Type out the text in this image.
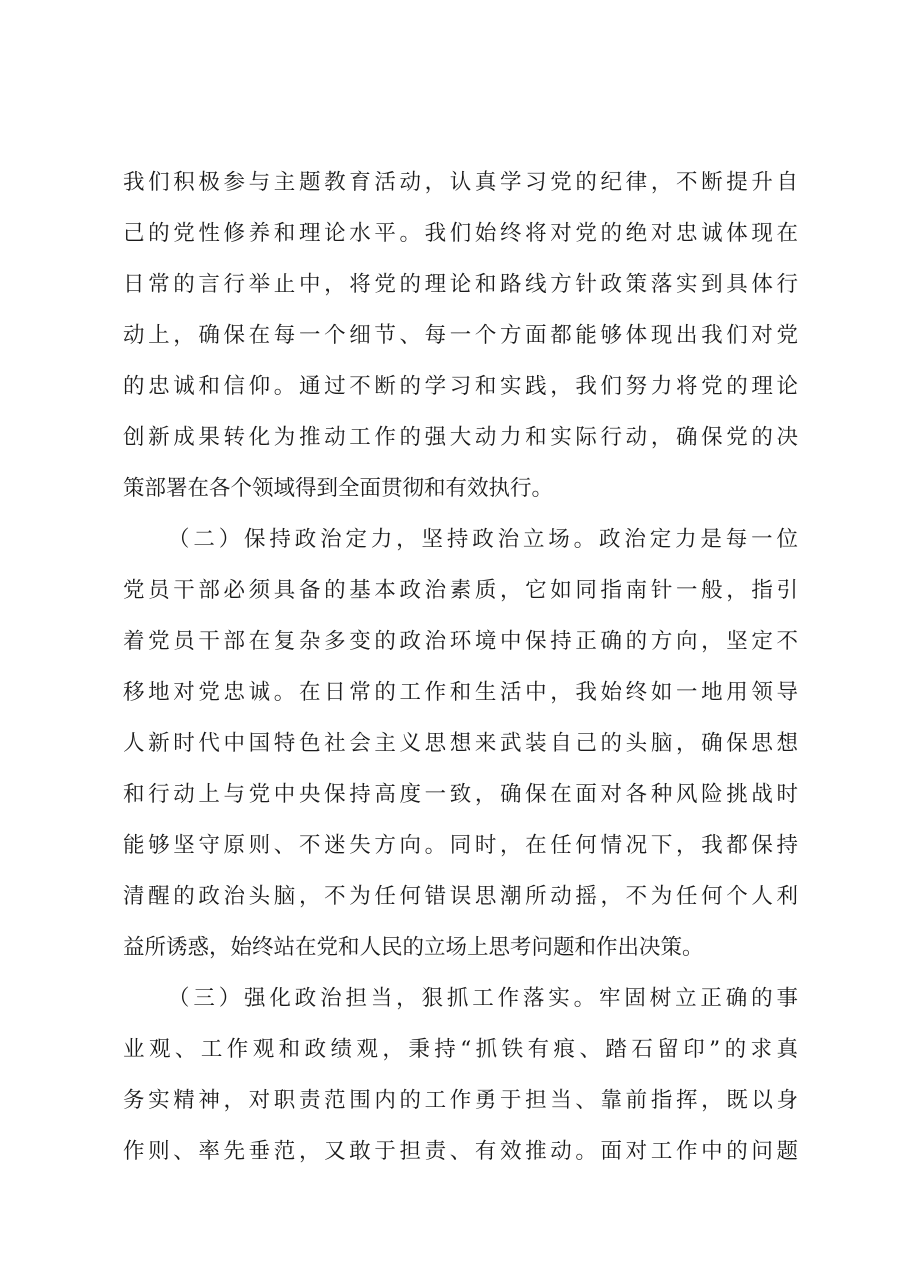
我们积极参与主题教育活动，认真学习党的纪律，不断提升自
己的党性修养和理论水平。我们始终将对党的绝对忠诚体现在
日常的言行举止中，将党的理论和路线方针政策落实到具体行
动上，确保在每一个细节、每一个方面都能够体现出我们对党
的忠诚和信仰。通过不断的学习和实践，我们努力将党的理论
创新成果转化为推动工作的强大动力和实际行动，确保党的决
策部署在各个领域得到全面贯彻和有效执行。
（二）保持政治定力，坚持政治立场。政治定力是每一位
党员干部必须具备的基本政治素质，它如同指南针一般，指引
着党员干部在复杂多变的政治环境中保持正确的方向，坚定不
移地对党忠诚。在日常的工作和生活中，我始终如一地用领导
人新时代中国特色社会主义思想来武装自己的头脑，确保思想
和行动上与党中央保持高度一致，确保在面对各种风险挑战时
能够坚守原则、不迷失方向。同时，在任何情况下，我都保持
清醒的政治头脑，不为任何错误思潮所动摇，不为任何个人利
益所诱惑，始终站在党和人民的立场上思考问题和作出决策。
（三）强化政治担当，狠抓工作落实。牢固树立正确的事
业观、工作观和政绩观，秉持“抓铁有痕、踏石留印”的求真
务实精神，对职责范围内的工作勇于担当、靠前指挥，既以身
作则、率先垂范，又敢于担责、有效推动。面对工作中的问题
